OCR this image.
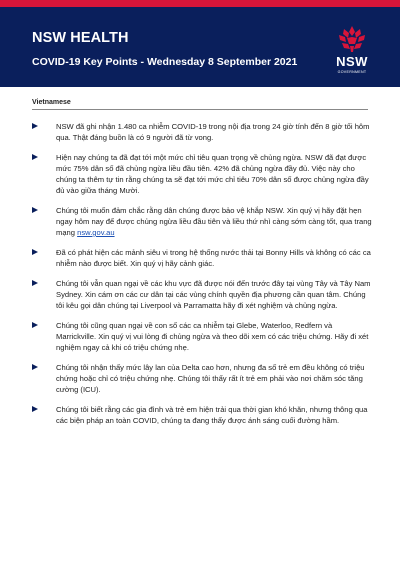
NSW HEALTH
COVID-19 Key Points - Wednesday 8 September 2021	NSW
GOVERNMENT
Vietnamese
NSW đã ghi nhận 1.480 ca nhiễm COVID-19 trong nội địa trong 24 giờ tính đến 8 giờ tối hôm qua. Thật đáng buồn là có 9 người đã từ vong.
Hiện nay chúng ta đã đạt tới một mức chỉ tiêu quan trọng về chủng ngừa. NSW đã đạt được mức 75% dân số đã chủng ngừa liều đầu tiên. 42% đã chủng ngừa đầy đủ. Việc này cho chúng ta thêm tự tin rằng chúng ta sẽ đạt tới mức chỉ tiêu 70% dân số được chủng ngừa đầy đủ vào giữa tháng Mười.
Chúng tôi muốn đảm chắc rằng dân chúng được bảo vệ khắp NSW. Xin quý vị hãy đặt hẹn ngay hôm nay để được chủng ngừa liều đầu tiên và liều thứ nhì càng sớm càng tốt, qua trang mạng nsw.gov.au
Đã có phát hiện các mảnh siêu vi trong hệ thống nước thải tại Bonny Hills và không có các ca nhiễm nào được biết. Xin quý vị hãy cảnh giác.
Chúng tôi vẫn quan ngại về các khu vực đã được nói đến trước đây tại vùng Tây và Tây Nam Sydney. Xin cám ơn các cư dân tại các vùng chính quyền địa phương cần quan tâm. Chúng tôi kêu gọi dân chúng tại Liverpool và Parramatta hãy đi xét nghiệm và chủng ngừa.
Chúng tôi cũng quan ngại về con số các ca nhiễm tại Glebe, Waterloo, Redfern và Marrickville. Xin quý vị vui lòng đi chủng ngừa và theo dõi xem có các triệu chứng. Hãy đi xét nghiệm ngay cả khi có triệu chứng nhẹ.
Chúng tôi nhận thấy mức lây lan của Delta cao hơn, nhưng đa số trẻ em đều không có triệu chứng hoặc chỉ có triệu chứng nhẹ. Chúng tôi thấy rất ít trẻ em phải vào nơi chăm sóc tăng cường (ICU).
Chúng tôi biết rằng các gia đình và trẻ em hiện trải qua thời gian khó khăn, nhưng thông qua các biện pháp an toàn COVID, chúng ta đang thấy được ánh sáng cuối đường hầm.
